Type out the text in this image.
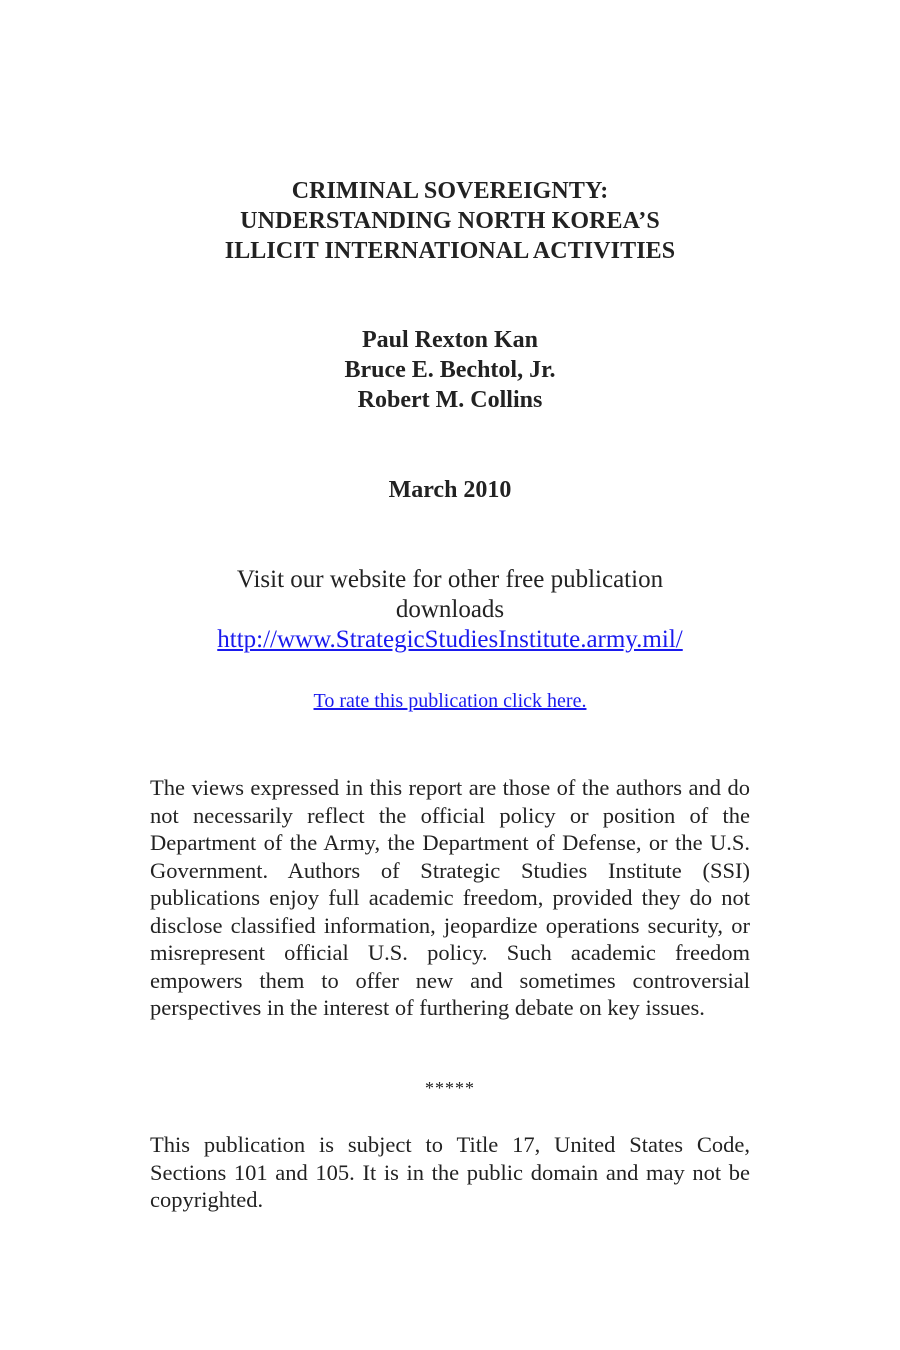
CRIMINAL SOVEREIGNTY:
UNDERSTANDING NORTH KOREA’S
ILLICIT INTERNATIONAL ACTIVITIES
Paul Rexton Kan
Bruce E. Bechtol, Jr.
Robert M. Collins
March 2010
Visit our website for other free publication
downloads
http://www.StrategicStudiesInstitute.army.mil/
To rate this publication click here.

The views expressed in this report are those of the authors and do not necessarily reflect the official policy or position of the Department of the Army, the Department of Defense, or the U.S. Government. Authors of Strategic Studies Institute (SSI) publications enjoy full academic freedom, provided they do not disclose classified information, jeopardize operations security, or misrepresent official U.S. policy. Such academic freedom empowers them to offer new and sometimes controversial perspectives in the interest of furthering debate on key issues.

*****

This publication is subject to Title 17, United States Code, Sections 101 and 105. It is in the public domain and may not be copyrighted.
